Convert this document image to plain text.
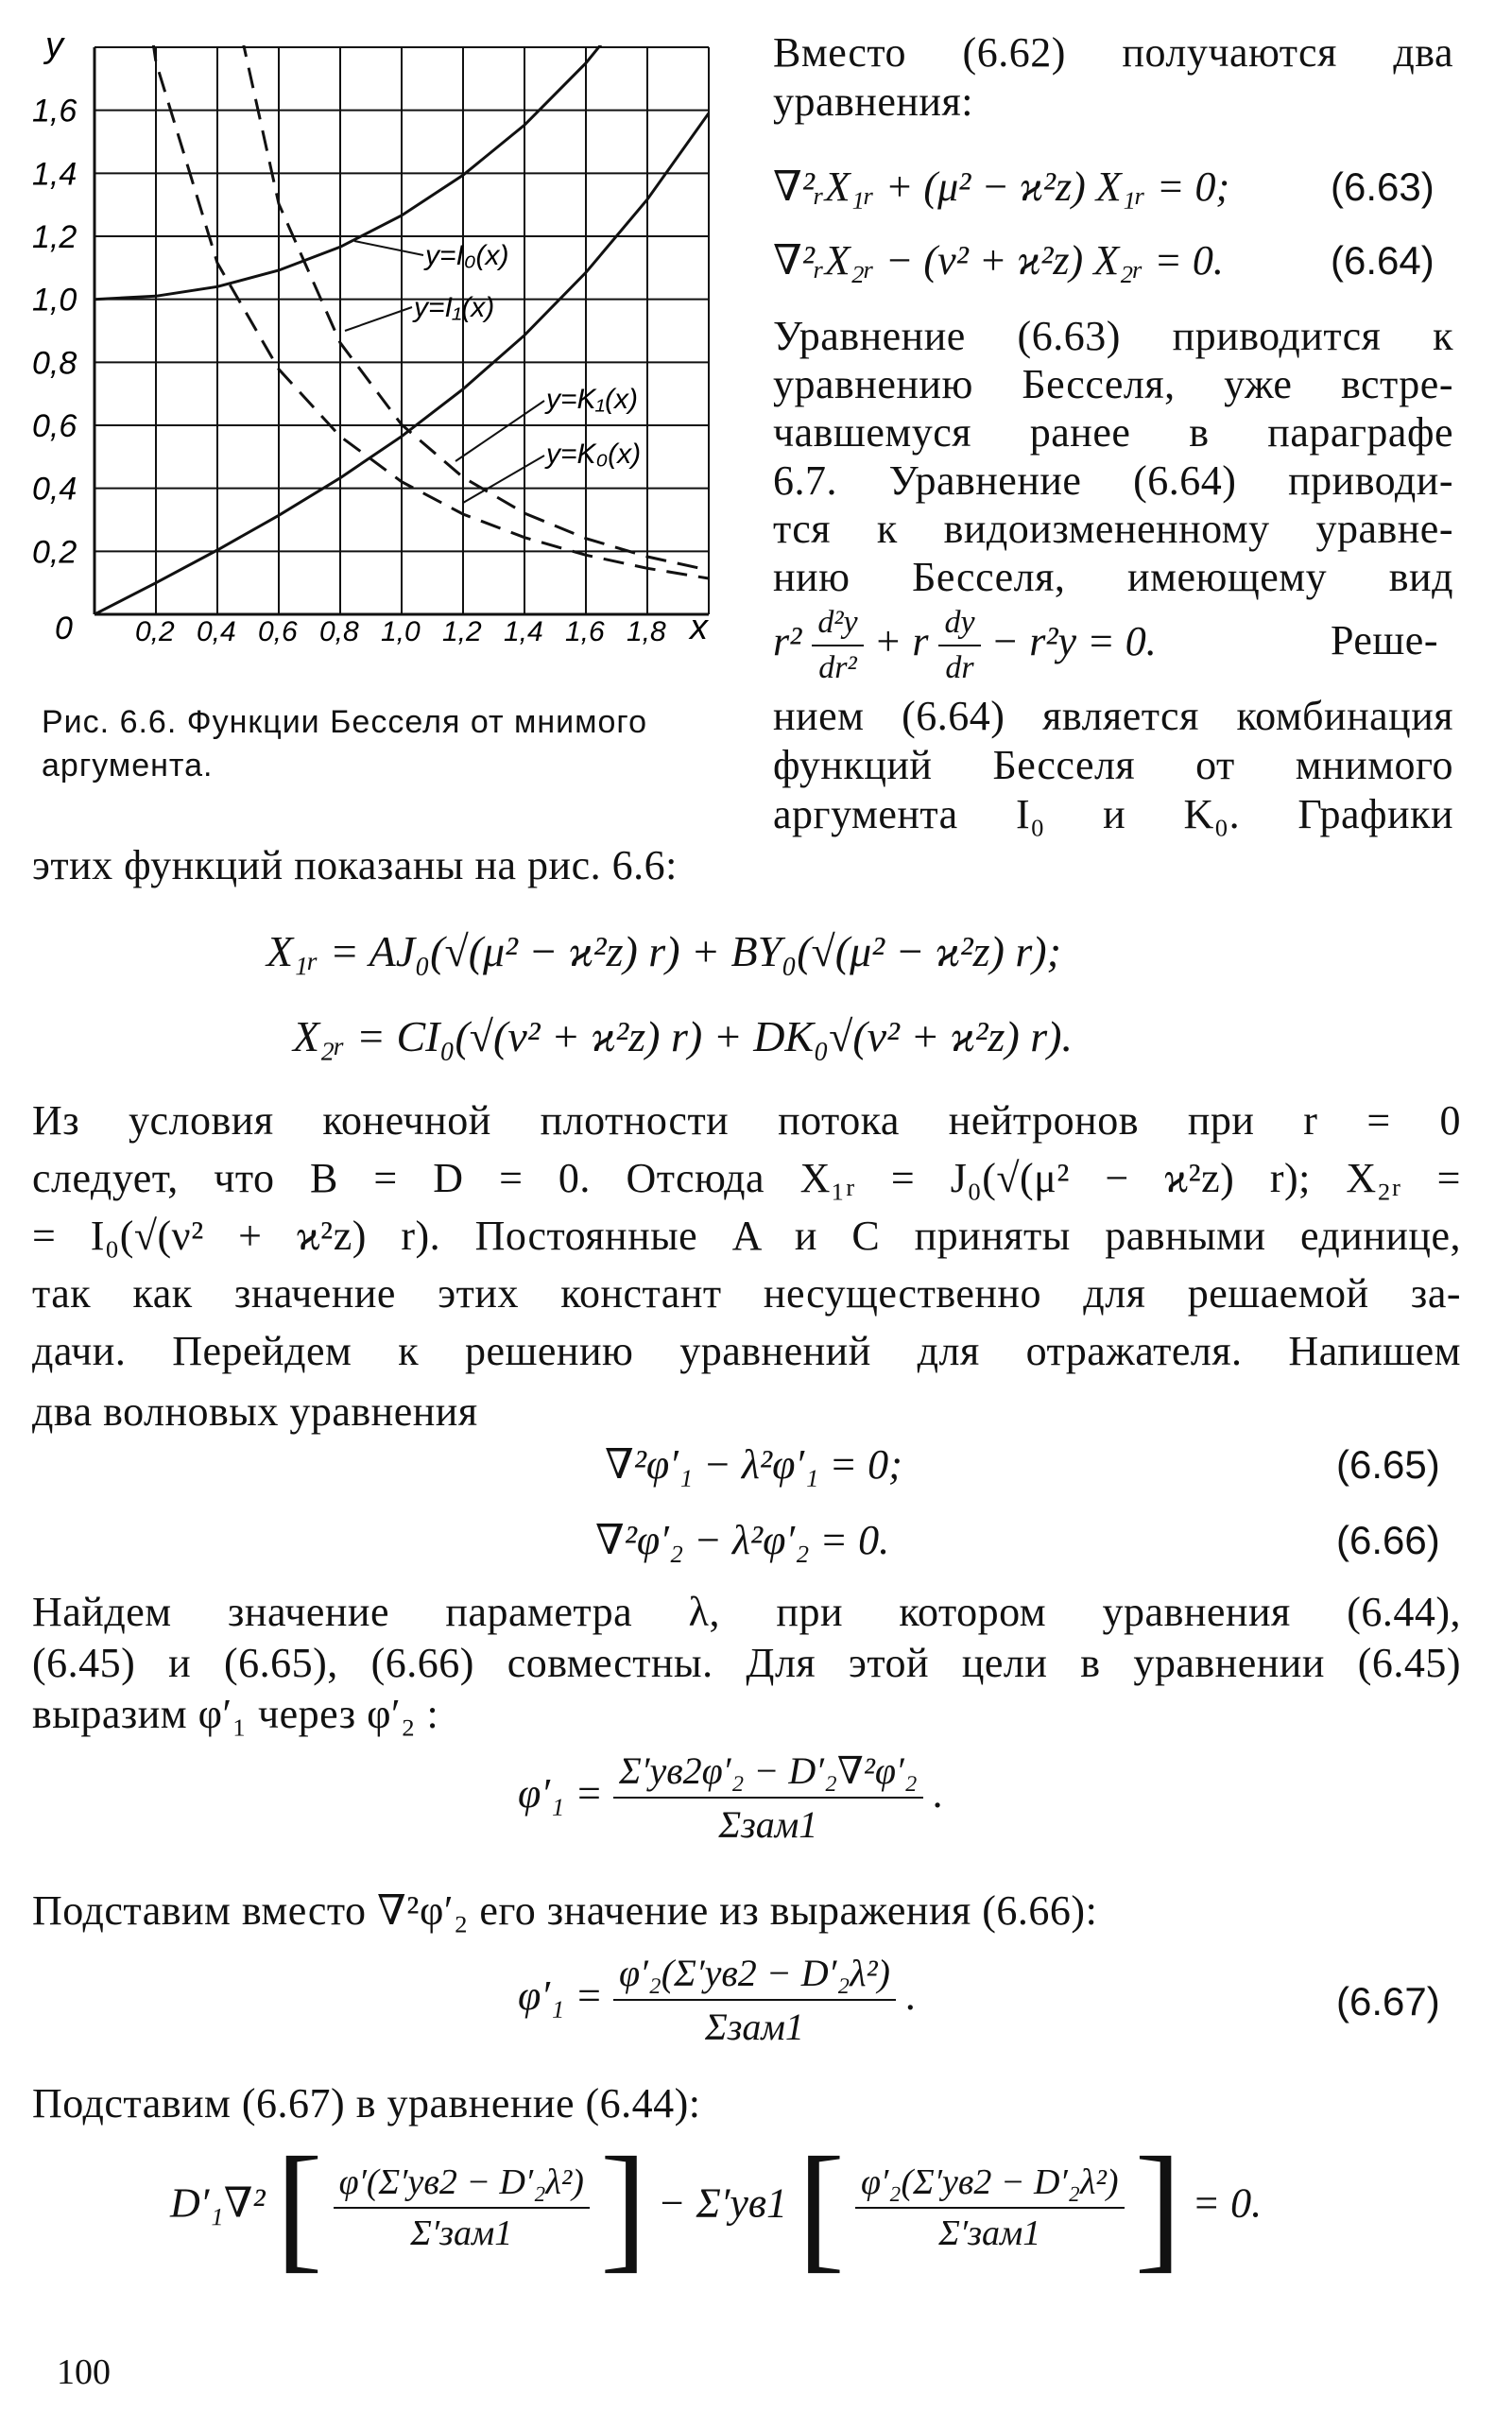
1,6
1,4
1,2
1,0
0,8
0,6
0,4
0,2
0,2 0,4 0,6 0,8 1,0 1,2 1,4 1,6 1,8
y
x
0
y=I₀(x)
y=I₁(x)
y=K₁(x)
y=K₀(x)
Рис. 6.6. Функции Бесселя от мнимого аргумента.
Вместо (6.62) получаются два уравнения:
∇²ᵣX₁ᵣ + (μ² − ϰ²z) X₁ᵣ = 0;	(6.63)
∇²ᵣX₂ᵣ − (ν² + ϰ²z) X₂ᵣ = 0.	(6.64)
Уравнение (6.63) приводится к
уравнению Бесселя, уже встре-
чавшемуся ранее в параграфе
6.7. Уравнение (6.64) приводи-
тся к видоизмененному уравне-
нию Бесселя, имеющему вид
$r^2 \frac{\text{d²y}}{\text{dr²}} + r \frac{dy}{dr} - r^2y = 0$.	Реше-
нием (6.64) является комбинация
функций Бесселя от мнимого
аргумента I₀ и K₀. Графики
этих функций показаны на рис. 6.6:
X₁ᵣ = AJ₀(√(μ² − ϰ²z) r) + BY₀(√(μ² − ϰ²z) r);
X₂ᵣ = CI₀(√(ν² + ϰ²z) r) + DK₀√(ν² + ϰ²z) r).
Из условия конечной плотности потока нейтронов при r = 0
следует, что B = D = 0. Отсюда X₁ᵣ = J₀(√(μ² − ϰ²z) r); X₂ᵣ =
= I₀(√(ν² + ϰ²z) r). Постоянные A и C приняты равными единице,
так как значение этих констант несущественно для решаемой за-
дачи. Перейдем к решению уравнений для отражателя. Напишем
два волновых уравнения
∇²φ′₁ − λ²φ′₁ = 0;	(6.65)
∇²φ′₂ − λ²φ′₂ = 0.	(6.66)
Найдем значение параметра λ, при котором уравнения (6.44),
(6.45) и (6.65), (6.66) совместны. Для этой цели в уравнении (6.45)
выразим φ′₁ через φ′₂ :
$\varphi'_1 = \frac{\text{Σ′ув2φ′₂ − D′₂∇²φ′₂}}{\text{Σзам1}}$ .
Подставим вместо ∇²φ′₂ его значение из выражения (6.66):
$\varphi'_1 = \frac{\text{φ′₂(Σ′ув2 − D′₂λ²)}}{\text{Σзам1}}$ .	(6.67)
Подставим (6.67) в уравнение (6.44):
D′₁∇² [ $\frac{\text{φ′(Σ′ув2 − D′₂λ²)}}{\text{Σ′зам1}}$ ] − Σ′ув1 [ $\frac{\text{φ′₂(Σ′ув2 − D′₂λ²)}}{\text{Σ′зам1}}$ ] = 0.
100
